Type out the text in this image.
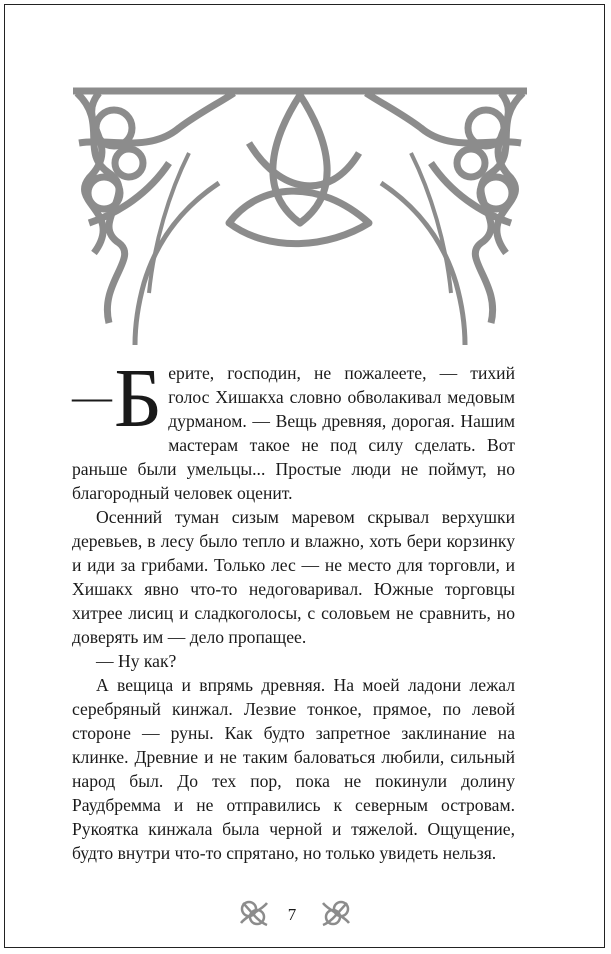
— Б ерите, господин, не пожалеете, — тихий голос Хишакха словно обволакивал медовым дурманом. — Вещь древняя, дорогая. Нашим мастерам такое не под силу сделать. Вот раньше были умельцы... Простые люди не поймут, но благородный человек оценит.

Осенний туман сизым маревом скрывал верхушки деревьев, в лесу было тепло и влажно, хоть бери корзинку и иди за грибами. Только лес — не место для торговли, и Хишакх явно что-то недоговаривал. Южные торговцы хитрее лисиц и сладкоголосы, с соловьем не сравнить, но доверять им — дело пропащее.

— Ну как?

А вещица и впрямь древняя. На моей ладони лежал серебряный кинжал. Лезвие тонкое, прямое, по левой стороне — руны. Как будто запретное заклинание на клинке. Древние и не таким баловаться любили, сильный народ был. До тех пор, пока не покинули долину Раудбремма и не отправились к северным островам. Рукоятка кинжала была черной и тяжелой. Ощущение, будто внутри что-то спрятано, но только увидеть нельзя.

7
